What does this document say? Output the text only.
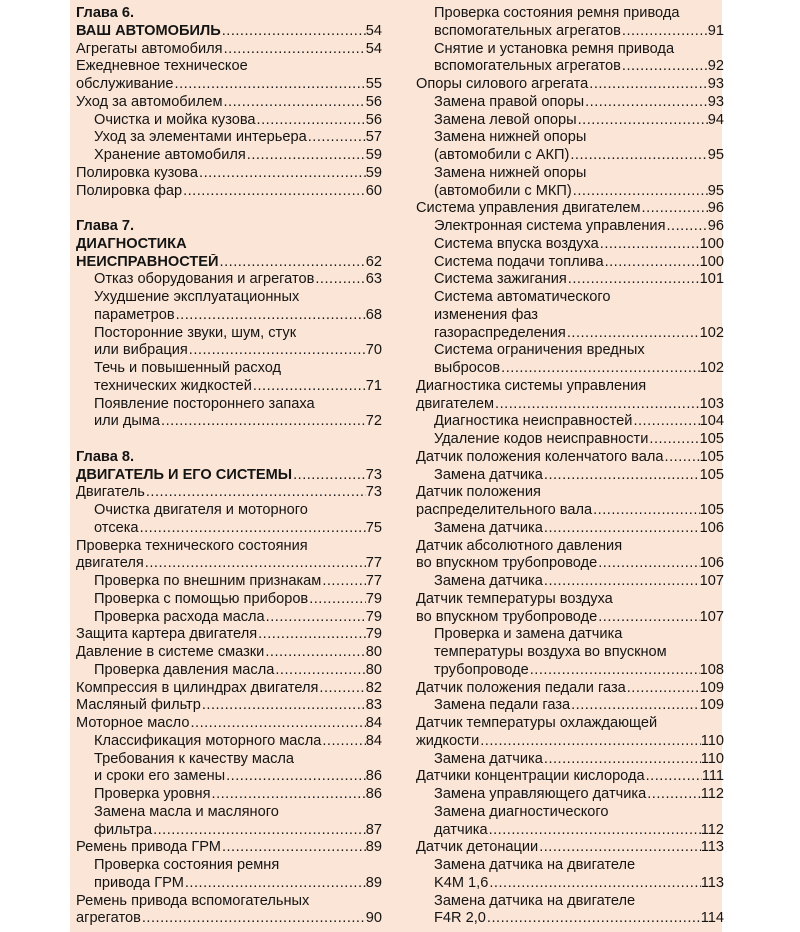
Глава 6.
ВАШ АВТОМОБИЛЬ .....	54
Агрегаты автомобиля .....	54
Ежедневное техническое
обслуживание .....	55
Уход за автомобилем .....	56
Очистка и мойка кузова .....	56
Уход за элементами интерьера .....	57
Хранение автомобиля .....	59
Полировка кузова .....	59
Полировка фар .....	60
Глава 7.
ДИАГНОСТИКА
НЕИСПРАВНОСТЕЙ .....	62
Отказ оборудования и агрегатов .....	63
Ухудшение эксплуатационных
параметров .....	68
Посторонние звуки, шум, стук
или вибрация .....	70
Течь и повышенный расход
технических жидкостей .....	71
Появление постороннего запаха
или дыма .....	72
Глава 8.
ДВИГАТЕЛЬ И ЕГО СИСТЕМЫ .....	73
Двигатель .....	73
Очистка двигателя и моторного
отсека .....	75
Проверка технического состояния
двигателя .....	77
Проверка по внешним признакам .....	77
Проверка с помощью приборов .....	79
Проверка расхода масла .....	79
Защита картера двигателя .....	79
Давление в системе смазки .....	80
Проверка давления масла .....	80
Компрессия в цилиндрах двигателя .....	82
Масляный фильтр .....	83
Моторное масло .....	84
Классификация моторного масла .....	84
Требования к качеству масла
и сроки его замены .....	86
Проверка уровня .....	86
Замена масла и масляного
фильтра .....	87
Ремень привода ГРМ .....	89
Проверка состояния ремня
привода ГРМ .....	89
Ремень привода вспомогательных
агрегатов .....	90
Проверка состояния ремня привода
вспомогательных агрегатов .....	91
Снятие и установка ремня привода
вспомогательных агрегатов .....	92
Опоры силового агрегата .....	93
Замена правой опоры .....	93
Замена левой опоры .....	94
Замена нижней опоры
(автомобили с АКП) .....	95
Замена нижней опоры
(автомобили с МКП) .....	95
Система управления двигателем .....	96
Электронная система управления .....	96
Система впуска воздуха .....	100
Система подачи топлива .....	100
Система зажигания .....	101
Система автоматического
изменения фаз
газораспределения .....	102
Система ограничения вредных
выбросов .....	102
Диагностика системы управления
двигателем .....	103
Диагностика неисправностей .....	104
Удаление кодов неисправности .....	105
Датчик положения коленчатого вала ..... 105
Замена датчика .....	105
Датчик положения
распределительного вала .....	105
Замена датчика .....	106
Датчик абсолютного давления
во впускном трубопроводе .....	106
Замена датчика .....	107
Датчик температуры воздуха
во впускном трубопроводе .....	107
Проверка и замена датчика
температуры воздуха во впускном
трубопроводе .....	108
Датчик положения педали газа .....	109
Замена педали газа .....	109
Датчик температуры охлаждающей
жидкости .....	110
Замена датчика .....	110
Датчики концентрации кислорода .....	111
Замена управляющего датчика .....	112
Замена диагностического
датчика .....	112
Датчик детонации .....	113
Замена датчика на двигателе
K4M 1,6 .....	113
Замена датчика на двигателе
F4R 2,0 .....	114
